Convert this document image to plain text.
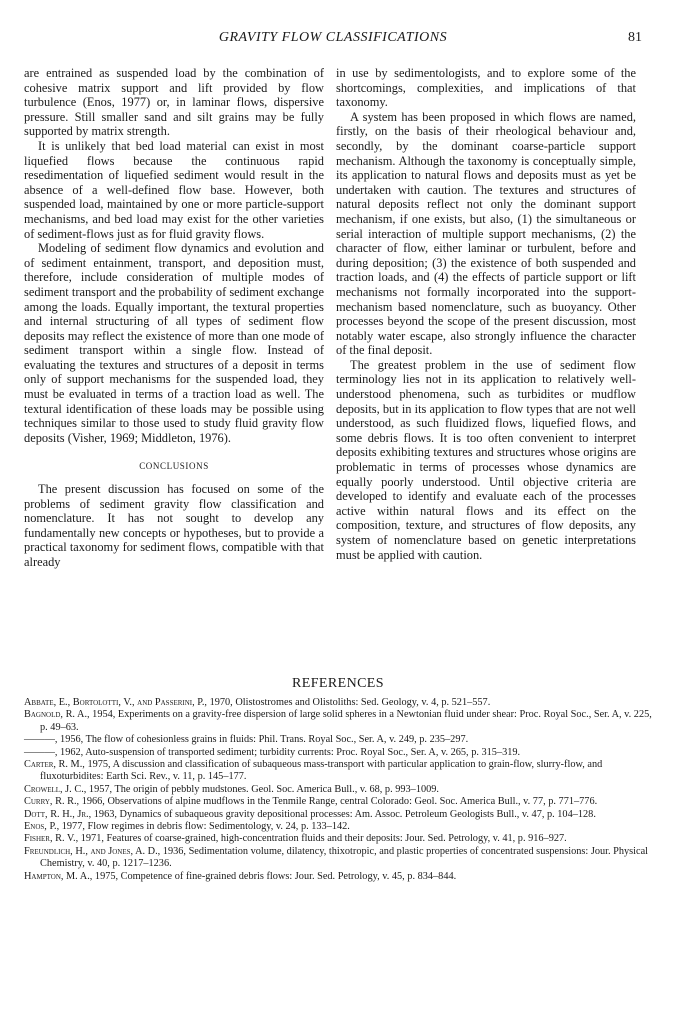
GRAVITY FLOW CLASSIFICATIONS	81

are entrained as suspended load by the combination of cohesive matrix support and lift provided by flow turbulence (Enos, 1977) or, in laminar flows, dispersive pressure. Still smaller sand and silt grains may be fully supported by matrix strength.

It is unlikely that bed load material can exist in most liquefied flows because the continuous rapid resedimentation of liquefied sediment would result in the absence of a well-defined flow base. However, both suspended load, maintained by one or more particle-support mechanisms, and bed load may exist for the other varieties of sediment-flows just as for fluid gravity flows.

Modeling of sediment flow dynamics and evolution and of sediment entainment, transport, and deposition must, therefore, include consideration of multiple modes of sediment transport and the probability of sediment exchange among the loads. Equally important, the textural properties and internal structuring of all types of sediment flow deposits may reflect the existence of more than one mode of sediment transport within a single flow. Instead of evaluating the textures and structures of a deposit in terms only of support mechanisms for the suspended load, they must be evaluated in terms of a traction load as well. The textural identification of these loads may be possible using techniques similar to those used to study fluid gravity flow deposits (Visher, 1969; Middleton, 1976).

CONCLUSIONS

The present discussion has focused on some of the problems of sediment gravity flow classification and nomenclature. It has not sought to develop any fundamentally new concepts or hypotheses, but to provide a practical taxonomy for sediment flows, compatible with that already

in use by sedimentologists, and to explore some of the shortcomings, complexities, and implications of that taxonomy.

A system has been proposed in which flows are named, firstly, on the basis of their rheological behaviour and, secondly, by the dominant coarse-particle support mechanism. Although the taxonomy is conceptually simple, its application to natural flows and deposits must as yet be undertaken with caution. The textures and structures of natural deposits reflect not only the dominant support mechanism, if one exists, but also, (1) the simultaneous or serial interaction of multiple support mechanisms, (2) the character of flow, either laminar or turbulent, before and during deposition; (3) the existence of both suspended and traction loads, and (4) the effects of particle support or lift mechanisms not formally incorporated into the support-mechanism based nomenclature, such as buoyancy. Other processes beyond the scope of the present discussion, most notably water escape, also strongly influence the character of the final deposit.

The greatest problem in the use of sediment flow terminology lies not in its application to relatively well-understood phenomena, such as turbidites or mudflow deposits, but in its application to flow types that are not well understood, as such fluidized flows, liquefied flows, and some debris flows. It is too often convenient to interpret deposits exhibiting textures and structures whose origins are problematic in terms of processes whose dynamics are equally poorly understood. Until objective criteria are developed to identify and evaluate each of the processes active within natural flows and its effect on the composition, texture, and structures of flow deposits, any system of nomenclature based on genetic interpretations must be applied with caution.

REFERENCES

Abbate, E., Bortolotti, V., and Passerini, P., 1970, Olistostromes and Olistoliths: Sed. Geology, v. 4, p. 521–557.

Bagnold, R. A., 1954, Experiments on a gravity-free dispersion of large solid spheres in a Newtonian fluid under shear: Proc. Royal Soc., Ser. A, v. 225, p. 49–63.

———, 1956, The flow of cohesionless grains in fluids: Phil. Trans. Royal Soc., Ser. A, v. 249, p. 235–297.

———, 1962, Auto-suspension of transported sediment; turbidity currents: Proc. Royal Soc., Ser. A, v. 265, p. 315–319.

Carter, R. M., 1975, A discussion and classification of subaqueous mass-transport with particular application to grain-flow, slurry-flow, and fluxoturbidites: Earth Sci. Rev., v. 11, p. 145–177.

Crowell, J. C., 1957, The origin of pebbly mudstones. Geol. Soc. America Bull., v. 68, p. 993–1009.

Curry, R. R., 1966, Observations of alpine mudflows in the Tenmile Range, central Colorado: Geol. Soc. America Bull., v. 77, p. 771–776.

Dott, R. H., Jr., 1963, Dynamics of subaqueous gravity depositional processes: Am. Assoc. Petroleum Geologists Bull., v. 47, p. 104–128.

Enos, P., 1977, Flow regimes in debris flow: Sedimentology, v. 24, p. 133–142.

Fisher, R. V., 1971, Features of coarse-grained, high-concentration fluids and their deposits: Jour. Sed. Petrology, v. 41, p. 916–927.

Freundlich, H., and Jones, A. D., 1936, Sedimentation volume, dilatency, thixotropic, and plastic properties of concentrated suspensions: Jour. Physical Chemistry, v. 40, p. 1217–1236.

Hampton, M. A., 1975, Competence of fine-grained debris flows: Jour. Sed. Petrology, v. 45, p. 834–844.
